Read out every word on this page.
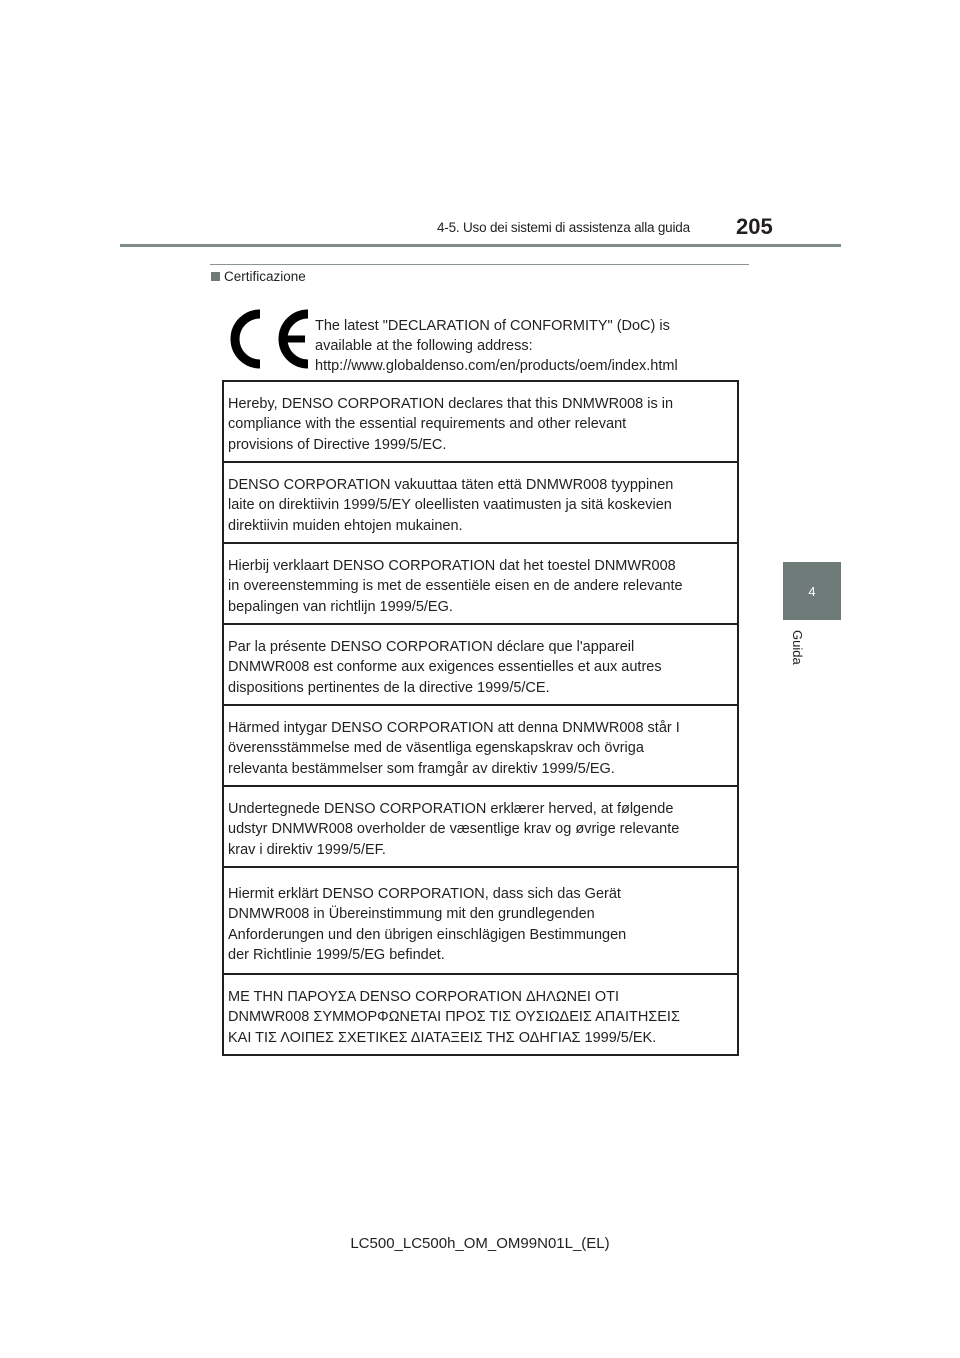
4-5. Uso dei sistemi di assistenza alla guida 205
4
Guida
Certificazione
The latest "DECLARATION of CONFORMITY" (DoC) is
available at the following address:
http://www.globaldenso.com/en/products/oem/index.html
Hereby, DENSO CORPORATION declares that this DNMWR008 is in
compliance with the essential requirements and other relevant
provisions of Directive 1999/5/EC.
DENSO CORPORATION vakuuttaa täten että DNMWR008 tyyppinen
laite on direktiivin 1999/5/EY oleellisten vaatimusten ja sitä koskevien
direktiivin muiden ehtojen mukainen.
Hierbij verklaart DENSO CORPORATION dat het toestel DNMWR008
in overeenstemming is met de essentiële eisen en de andere relevante
bepalingen van richtlijn 1999/5/EG.
Par la présente DENSO CORPORATION déclare que l'appareil
DNMWR008 est conforme aux exigences essentielles et aux autres
dispositions pertinentes de la directive 1999/5/CE.
Härmed intygar DENSO CORPORATION att denna DNMWR008 står I
överensstämmelse med de väsentliga egenskapskrav och övriga
relevanta bestämmelser som framgår av direktiv 1999/5/EG.
Undertegnede DENSO CORPORATION erklærer herved, at følgende
udstyr DNMWR008 overholder de væsentlige krav og øvrige relevante
krav i direktiv 1999/5/EF.
Hiermit erklärt DENSO CORPORATION, dass sich das Gerät
DNMWR008 in Übereinstimmung mit den grundlegenden
Anforderungen und den übrigen einschlägigen Bestimmungen
der Richtlinie 1999/5/EG befindet.
ΜΕ ΤΗΝ ΠΑΡΟΥΣΑ DENSO CORPORATION ΔΗΛΩΝΕΙ ΟΤΙ
DNMWR008 ΣΥΜΜΟΡΦΩΝΕΤΑΙ ΠΡΟΣ ΤΙΣ ΟΥΣΙΩΔΕΙΣ ΑΠΑΙΤΗΣΕΙΣ
ΚΑΙ ΤΙΣ ΛΟΙΠΕΣ ΣΧΕΤΙΚΕΣ ΔΙΑΤΑΞΕΙΣ ΤΗΣ ΟΔΗΓΙΑΣ 1999/5/ΕΚ.
LC500_LC500h_OM_OM99N01L_(EL)
